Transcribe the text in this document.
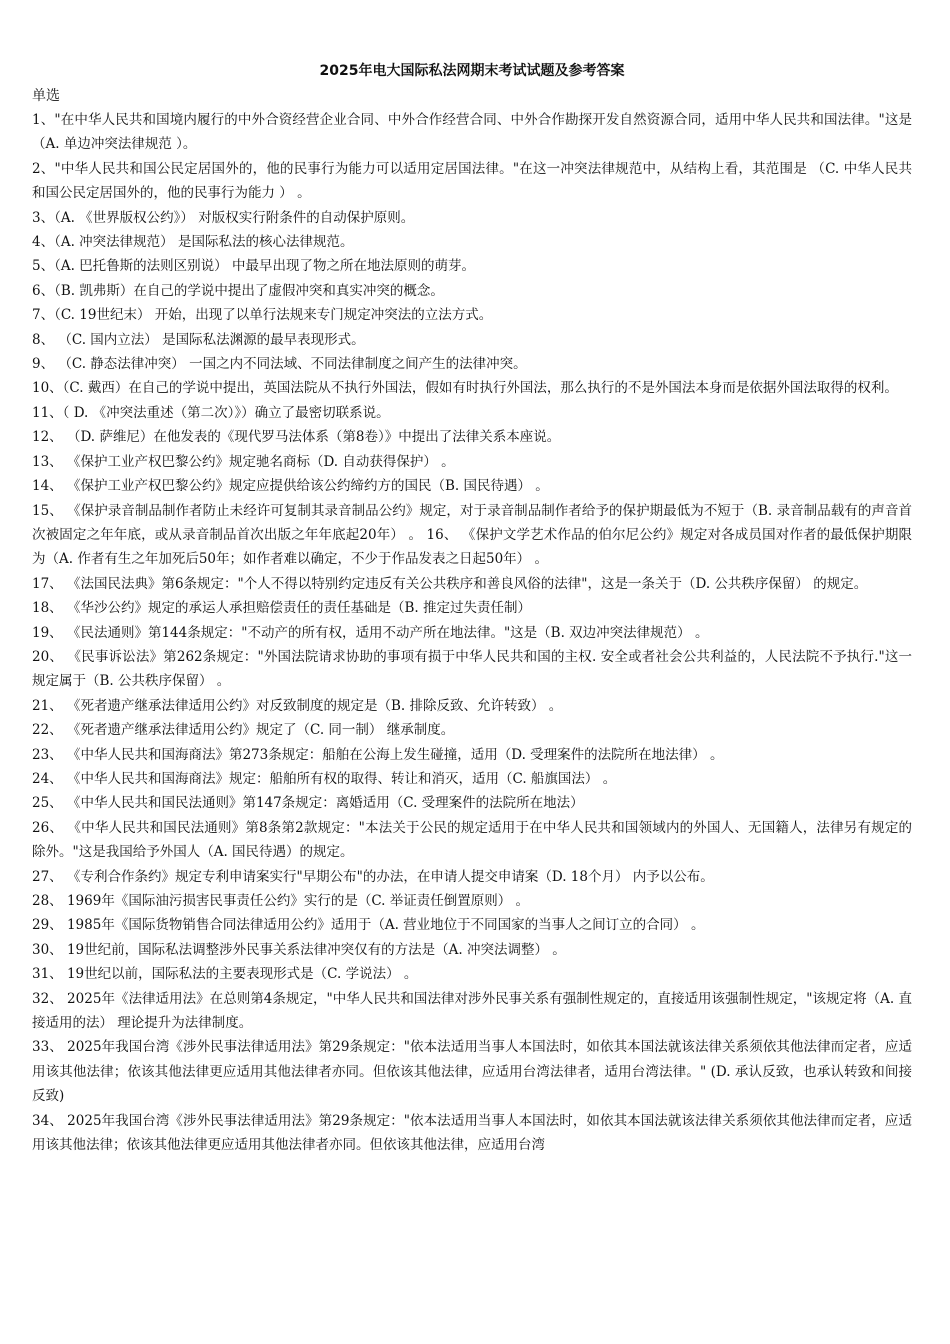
2025年电大国际私法网期末考试试题及参考答案
单选
1、"在中华人民共和国境内履行的中外合资经营企业合同、中外合作经营合同、中外合作勘探开发自然资源合同，适用中华人民共和国法律。"这是（A. 单边冲突法律规范 ）。
2、"中华人民共和国公民定居国外的，他的民事行为能力可以适用定居国法律。"在这一冲突法律规范中，从结构上看，其范围是 （C. 中华人民共和国公民定居国外的，他的民事行为能力 ） 。
3、（A. 《世界版权公约》） 对版权实行附条件的自动保护原则。
4、（A. 冲突法律规范） 是国际私法的核心法律规范。
5、（A. 巴托鲁斯的法则区别说） 中最早出现了物之所在地法原则的萌芽。
6、（B. 凯弗斯）在自己的学说中提出了虚假冲突和真实冲突的概念。
7、（C. 19世纪末） 开始，出现了以单行法规来专门规定冲突法的立法方式。
8、 （C. 国内立法） 是国际私法渊源的最早表现形式。
9、 （C. 静态法律冲突） 一国之内不同法域、不同法律制度之间产生的法律冲突。
10、（C. 戴西）在自己的学说中提出，英国法院从不执行外国法，假如有时执行外国法，那么执行的不是外国法本身而是依据外国法取得的权利。
11、（ D. 《冲突法重述（第二次）》）确立了最密切联系说。
12、 （D. 萨维尼）在他发表的《现代罗马法体系（第8卷）》中提出了法律关系本座说。
13、 《保护工业产权巴黎公约》规定驰名商标（D. 自动获得保护） 。
14、 《保护工业产权巴黎公约》规定应提供给该公约缔约方的国民（B. 国民待遇） 。
15、 《保护录音制品制作者防止未经许可复制其录音制品公约》规定，对于录音制品制作者给予的保护期最低为不短于（B. 录音制品载有的声音首次被固定之年年底，或从录音制品首次出版之年年底起20年） 。 16、 《保护文学艺术作品的伯尔尼公约》规定对各成员国对作者的最低保护期限为（A. 作者有生之年加死后50年；如作者难以确定，不少于作品发表之日起50年） 。
17、 《法国民法典》第6条规定："个人不得以特别约定违反有关公共秩序和善良风俗的法律"，这是一条关于（D. 公共秩序保留） 的规定。
18、 《华沙公约》规定的承运人承担赔偿责任的责任基础是（B. 推定过失责任制）
19、 《民法通则》第144条规定："不动产的所有权，适用不动产所在地法律。"这是（B. 双边冲突法律规范） 。
20、 《民事诉讼法》第262条规定："外国法院请求协助的事项有损于中华人民共和国的主权. 安全或者社会公共利益的，人民法院不予执行."这一规定属于（B. 公共秩序保留） 。
21、 《死者遗产继承法律适用公约》对反致制度的规定是（B. 排除反致、允许转致） 。
22、 《死者遗产继承法律适用公约》规定了（C. 同一制） 继承制度。
23、 《中华人民共和国海商法》第273条规定：船舶在公海上发生碰撞，适用（D. 受理案件的法院所在地法律） 。
24、 《中华人民共和国海商法》规定：船舶所有权的取得、转让和消灭，适用（C. 船旗国法） 。
25、 《中华人民共和国民法通则》第147条规定：离婚适用（C. 受理案件的法院所在地法）
26、 《中华人民共和国民法通则》第8条第2款规定："本法关于公民的规定适用于在中华人民共和国领域内的外国人、无国籍人，法律另有规定的除外。"这是我国给予外国人（A. 国民待遇）的规定。
27、 《专利合作条约》规定专利申请案实行"早期公布"的办法，在申请人提交申请案（D. 18个月） 内予以公布。
28、 1969年《国际油污损害民事责任公约》实行的是（C. 举证责任倒置原则） 。
29、 1985年《国际货物销售合同法律适用公约》适用于（A. 营业地位于不同国家的当事人之间订立的合同） 。
30、 19世纪前，国际私法调整涉外民事关系法律冲突仅有的方法是（A. 冲突法调整） 。
31、 19世纪以前，国际私法的主要表现形式是（C. 学说法） 。
32、 2025年《法律适用法》在总则第4条规定，"中华人民共和国法律对涉外民事关系有强制性规定的，直接适用该强制性规定，"该规定将（A. 直接适用的法） 理论提升为法律制度。
33、 2025年我国台湾《涉外民事法律适用法》第29条规定："依本法适用当事人本国法时，如依其本国法就该法律关系须依其他法律而定者，应适用该其他法律；依该其他法律更应适用其他法律者亦同。但依该其他法律，应适用台湾法律者，适用台湾法律。" (D. 承认反致，也承认转致和间接反致)
34、 2025年我国台湾《涉外民事法律适用法》第29条规定："依本法适用当事人本国法时，如依其本国法就该法律关系须依其他法律而定者，应适用该其他法律；依该其他法律更应适用其他法律者亦同。但依该其他法律，应适用台湾
